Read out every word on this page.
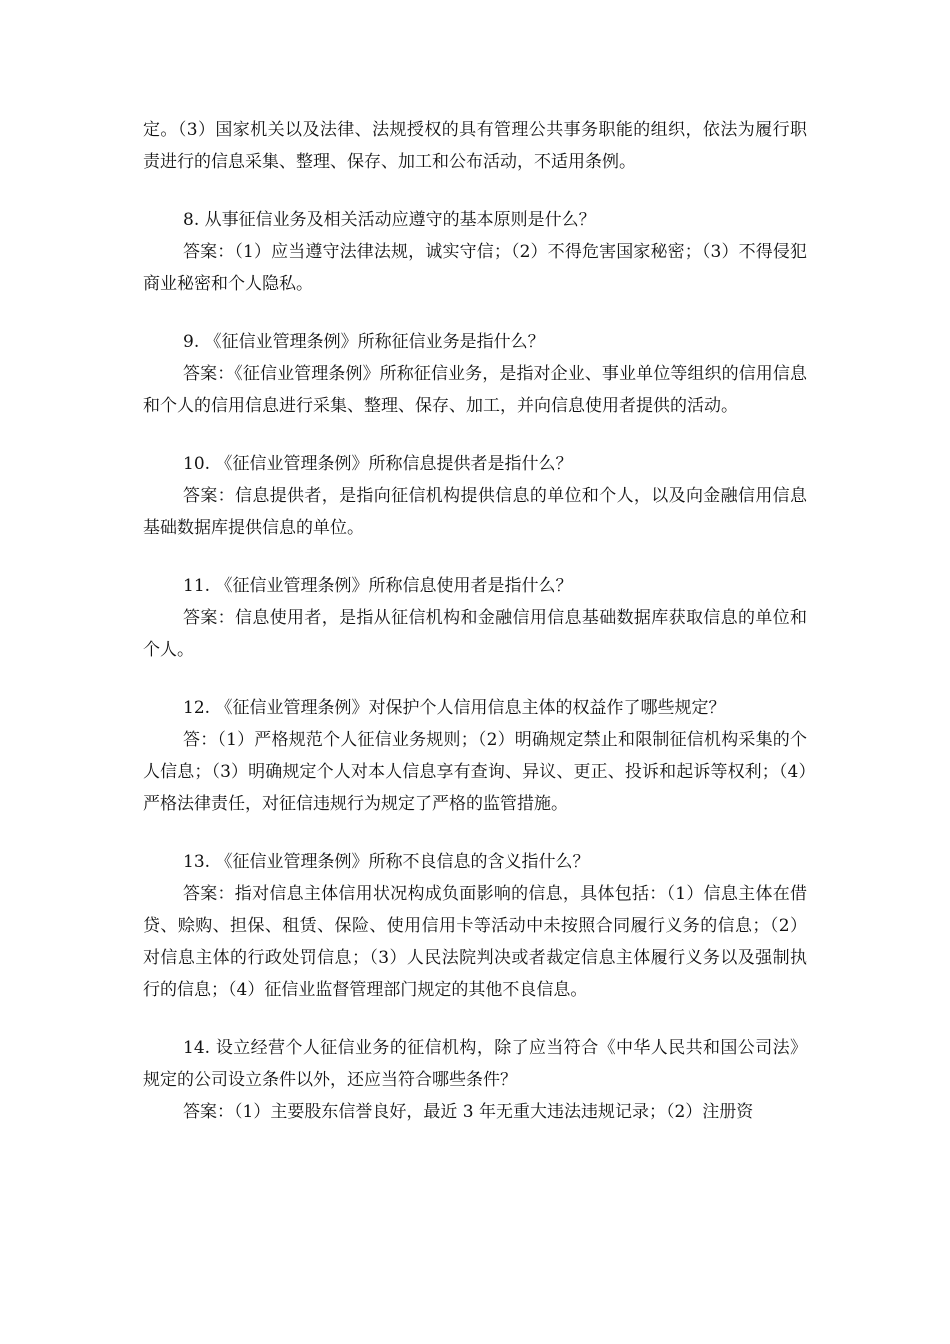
定。（3）国家机关以及法律、法规授权的具有管理公共事务职能的组织，依法为履行职责进行的信息采集、整理、保存、加工和公布活动，不适用条例。

8. 从事征信业务及相关活动应遵守的基本原则是什么？

答案：（1）应当遵守法律法规，诚实守信；（2）不得危害国家秘密；（3）不得侵犯商业秘密和个人隐私。

9. 《征信业管理条例》所称征信业务是指什么？

答案：《征信业管理条例》所称征信业务，是指对企业、事业单位等组织的信用信息和个人的信用信息进行采集、整理、保存、加工，并向信息使用者提供的活动。

10. 《征信业管理条例》所称信息提供者是指什么？

答案：信息提供者，是指向征信机构提供信息的单位和个人，以及向金融信用信息基础数据库提供信息的单位。

11. 《征信业管理条例》所称信息使用者是指什么？

答案：信息使用者，是指从征信机构和金融信用信息基础数据库获取信息的单位和个人。

12. 《征信业管理条例》对保护个人信用信息主体的权益作了哪些规定？

答：（1）严格规范个人征信业务规则；（2）明确规定禁止和限制征信机构采集的个人信息；（3）明确规定个人对本人信息享有查询、异议、更正、投诉和起诉等权利；（4）严格法律责任，对征信违规行为规定了严格的监管措施。

13. 《征信业管理条例》所称不良信息的含义指什么？

答案：指对信息主体信用状况构成负面影响的信息，具体包括：（1）信息主体在借贷、赊购、担保、租赁、保险、使用信用卡等活动中未按照合同履行义务的信息；（2）对信息主体的行政处罚信息；（3）人民法院判决或者裁定信息主体履行义务以及强制执行的信息；（4）征信业监督管理部门规定的其他不良信息。

14. 设立经营个人征信业务的征信机构，除了应当符合《中华人民共和国公司法》规定的公司设立条件以外，还应当符合哪些条件？

答案：（1）主要股东信誉良好，最近 3 年无重大违法违规记录；（2）注册资
